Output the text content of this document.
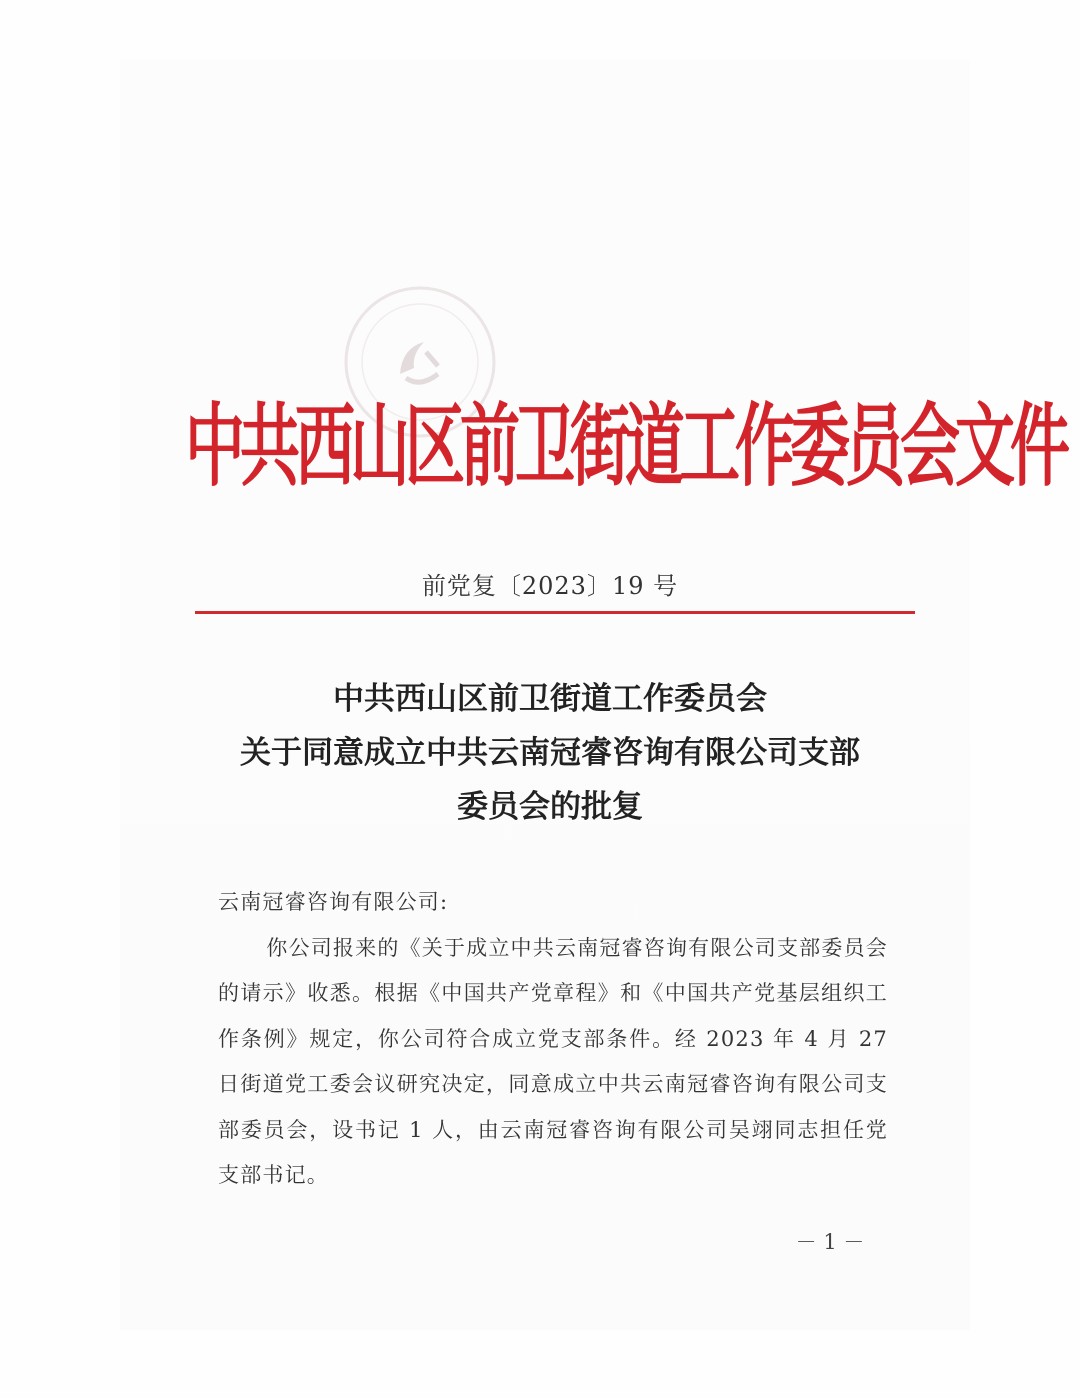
中共西山区前卫街道工作委员会文件
前党复〔2023〕19 号
中共西山区前卫街道工作委员会
关于同意成立中共云南冠睿咨询有限公司支部
委员会的批复

云南冠睿咨询有限公司:

你公司报来的《关于成立中共云南冠睿咨询有限公司支部委员会的请示》收悉。根据《中国共产党章程》和《中国共产党基层组织工作条例》规定，你公司符合成立党支部条件。经 2023 年 4 月 27 日街道党工委会议研究决定，同意成立中共云南冠睿咨询有限公司支部委员会，设书记 1 人，由云南冠睿咨询有限公司吴翊同志担任党支部书记。

－ 1 －
